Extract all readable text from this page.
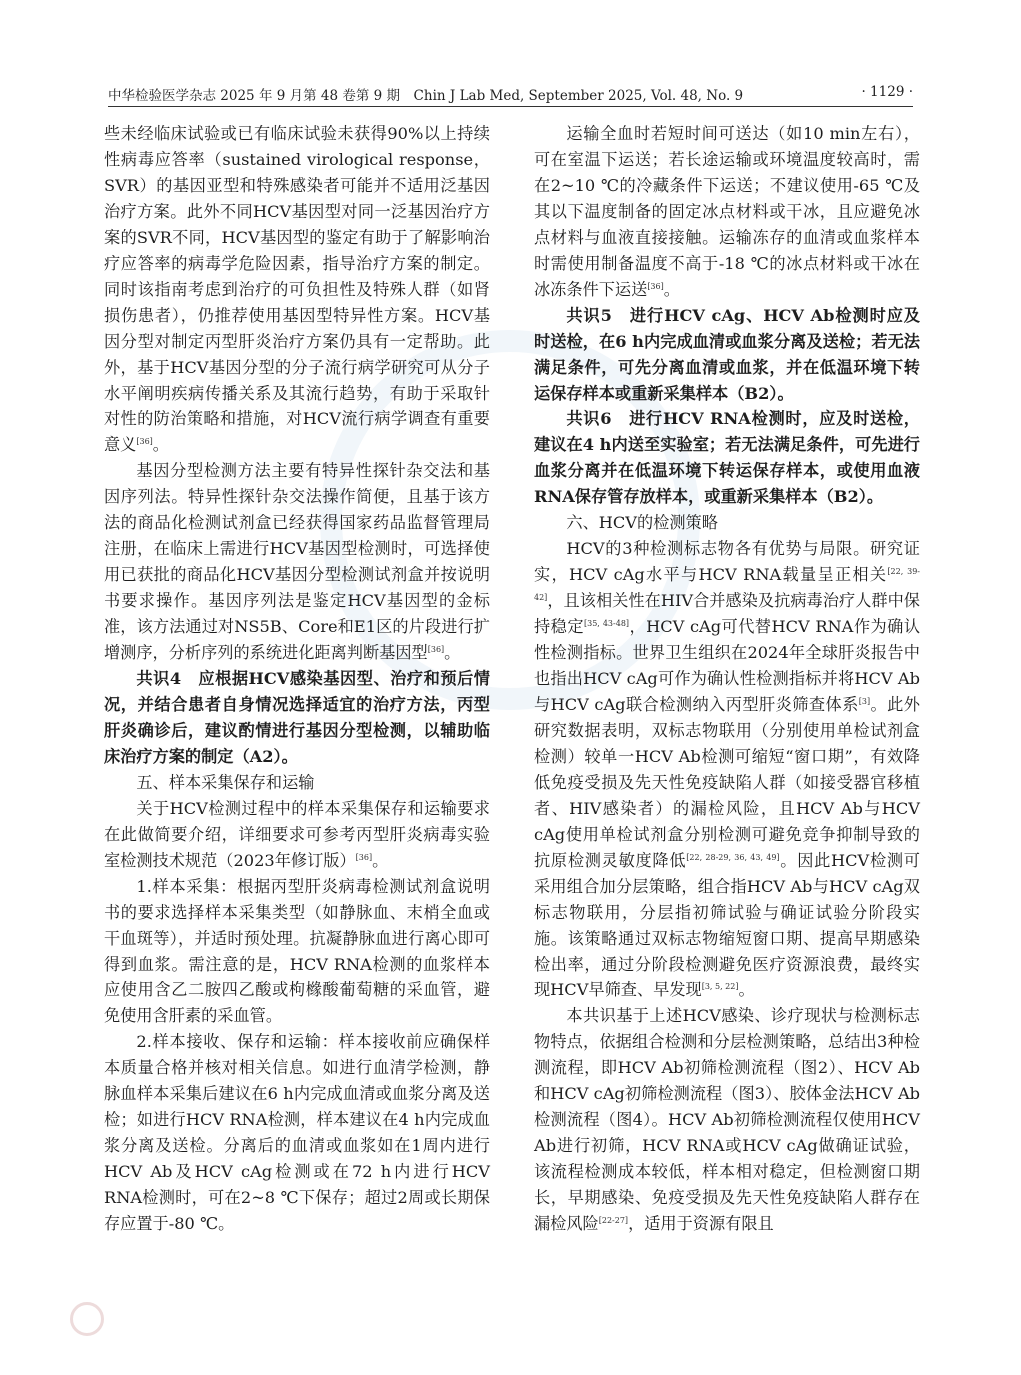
中华检验医学杂志 2025 年 9 月第 48 卷第 9 期　Chin J Lab Med, September 2025, Vol. 48, No. 9	· 1129 ·

些未经临床试验或已有临床试验未获得90%以上持续性病毒应答率（sustained virological response，SVR）的基因亚型和特殊感染者可能并不适用泛基因治疗方案。此外不同HCV基因型对同一泛基因治疗方案的SVR不同，HCV基因型的鉴定有助于了解影响治疗应答率的病毒学危险因素，指导治疗方案的制定。同时该指南考虑到治疗的可负担性及特殊人群（如肾损伤患者），仍推荐使用基因型特异性方案。HCV基因分型对制定丙型肝炎治疗方案仍具有一定帮助。此外，基于HCV基因分型的分子流行病学研究可从分子水平阐明疾病传播关系及其流行趋势，有助于采取针对性的防治策略和措施，对HCV流行病学调查有重要意义[36]。

基因分型检测方法主要有特异性探针杂交法和基因序列法。特异性探针杂交法操作简便，且基于该方法的商品化检测试剂盒已经获得国家药品监督管理局注册，在临床上需进行HCV基因型检测时，可选择使用已获批的商品化HCV基因分型检测试剂盒并按说明书要求操作。基因序列法是鉴定HCV基因型的金标准，该方法通过对NS5B、Core和E1区的片段进行扩增测序，分析序列的系统进化距离判断基因型[36]。

共识4　应根据HCV感染基因型、治疗和预后情况，并结合患者自身情况选择适宜的治疗方法，丙型肝炎确诊后，建议酌情进行基因分型检测，以辅助临床治疗方案的制定（A2）。

五、样本采集保存和运输

关于HCV检测过程中的样本采集保存和运输要求在此做简要介绍，详细要求可参考丙型肝炎病毒实验室检测技术规范（2023年修订版）[36]。

1.样本采集：根据丙型肝炎病毒检测试剂盒说明书的要求选择样本采集类型（如静脉血、末梢全血或干血斑等），并适时预处理。抗凝静脉血进行离心即可得到血浆。需注意的是，HCV RNA检测的血浆样本应使用含乙二胺四乙酸或枸橼酸葡萄糖的采血管，避免使用含肝素的采血管。

2.样本接收、保存和运输：样本接收前应确保样本质量合格并核对相关信息。如进行血清学检测，静脉血样本采集后建议在6 h内完成血清或血浆分离及送检；如进行HCV RNA检测，样本建议在4 h内完成血浆分离及送检。分离后的血清或血浆如在1周内进行HCV Ab及HCV cAg检测或在72 h内进行HCV RNA检测时，可在2~8 ℃下保存；超过2周或长期保存应置于-80 ℃。

运输全血时若短时间可送达（如10 min左右），可在室温下运送；若长途运输或环境温度较高时，需在2~10 ℃的冷藏条件下运送；不建议使用-65 ℃及其以下温度制备的固定冰点材料或干冰，且应避免冰点材料与血液直接接触。运输冻存的血清或血浆样本时需使用制备温度不高于-18 ℃的冰点材料或干冰在冰冻条件下运送[36]。

共识5　进行HCV cAg、HCV Ab检测时应及时送检，在6 h内完成血清或血浆分离及送检；若无法满足条件，可先分离血清或血浆，并在低温环境下转运保存样本或重新采集样本（B2）。

共识6　进行HCV RNA检测时，应及时送检，建议在4 h内送至实验室；若无法满足条件，可先进行血浆分离并在低温环境下转运保存样本，或使用血液RNA保存管存放样本，或重新采集样本（B2）。

六、HCV的检测策略

HCV的3种检测标志物各有优势与局限。研究证实，HCV cAg水平与HCV RNA载量呈正相关[22, 39-42]，且该相关性在HIV合并感染及抗病毒治疗人群中保持稳定[35, 43-48]，HCV cAg可代替HCV RNA作为确认性检测指标。世界卫生组织在2024年全球肝炎报告中也指出HCV cAg可作为确认性检测指标并将HCV Ab与HCV cAg联合检测纳入丙型肝炎筛查体系[3]。此外研究数据表明，双标志物联用（分别使用单检试剂盒检测）较单一HCV Ab检测可缩短“窗口期”，有效降低免疫受损及先天性免疫缺陷人群（如接受器官移植者、HIV感染者）的漏检风险，且HCV Ab与HCV cAg使用单检试剂盒分别检测可避免竞争抑制导致的抗原检测灵敏度降低[22, 28-29, 36, 43, 49]。因此HCV检测可采用组合加分层策略，组合指HCV Ab与HCV cAg双标志物联用，分层指初筛试验与确证试验分阶段实施。该策略通过双标志物缩短窗口期、提高早期感染检出率，通过分阶段检测避免医疗资源浪费，最终实现HCV早筛查、早发现[3, 5, 22]。

本共识基于上述HCV感染、诊疗现状与检测标志物特点，依据组合检测和分层检测策略，总结出3种检测流程，即HCV Ab初筛检测流程（图2）、HCV Ab和HCV cAg初筛检测流程（图3）、胶体金法HCV Ab检测流程（图4）。HCV Ab初筛检测流程仅使用HCV Ab进行初筛，HCV RNA或HCV cAg做确证试验，该流程检测成本较低，样本相对稳定，但检测窗口期长，早期感染、免疫受损及先天性免疫缺陷人群存在漏检风险[22-27]，适用于资源有限且
